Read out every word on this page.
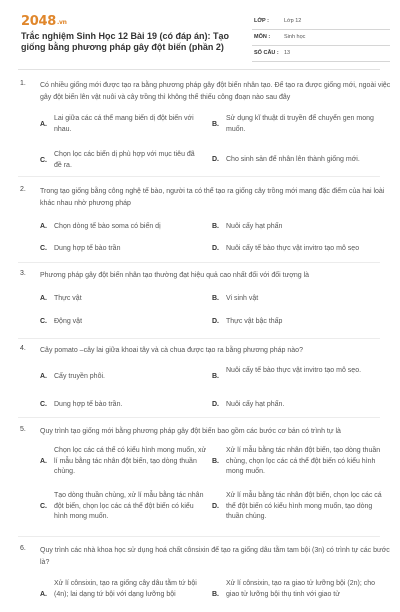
2048.vn
Trắc nghiệm Sinh Học 12 Bài 19 (có đáp án): Tạo giống bằng phương pháp gây đột biến (phần 2)
LỚP :	Lớp 12
MÔN :	Sinh học
SỐ CÂU : 13
1. Có nhiều giống mới được tạo ra bằng phương pháp gây đột biến nhân tạo. Để tạo ra được giống mới, ngoài việc gây đột biến lên vật nuôi và cây trồng thì không thể thiếu công đoạn nào sau đây
A.
Lai giữa các cá thể mang biến dị đột biến với nhau.
B.
Sử dụng kĩ thuật di truyền để chuyển gen mong muốn.
C.
Chọn lọc các biến dị phù hợp với mục tiêu đã đề ra.
D. Cho sinh sản để nhân lên thành giống mới.
2. Trong tạo giống bằng công nghệ tế bào, người ta có thể tạo ra giống cây trồng mới mang đặc điểm của hai loài khác nhau nhờ phương pháp
A. Chọn dòng tế bào soma có biến dị	B. Nuôi cấy hạt phấn
C. Dung hợp tế bào trần	D. Nuôi cấy tế bào thực vật invitro tạo mô sẹo
3. Phương pháp gây đột biến nhân tạo thường đạt hiệu quả cao nhất đối với đối tượng là
A. Thực vật	B. Vi sinh vật
C. Động vật	D. Thực vật bậc thấp
4. Cây pomato –cây lai giữa khoai tây và cà chua được tạo ra bằng phương pháp nào?
A. Cấy truyền phôi.	B.
Nuôi cấy tế bào thực vật invitro tạo mô sẹo.
C. Dung hợp tế bào trần.	D. Nuôi cấy hạt phấn.
5. Quy trình tạo giống mới bằng phương pháp gây đột biến bao gồm các bước cơ bản có trình tự là
A.
Chọn lọc các cá thể có kiểu hình mong muốn, xử lí mẫu bằng tác nhân đột biến, tạo dòng thuần chủng.
B.
Xử lí mẫu bằng tác nhân đột biến, tạo dòng thuần chủng, chọn lọc các cá thể đột biến có kiểu hình mong muốn.
C.
Tạo dòng thuần chủng, xử lí mẫu bằng tác nhân đột biến, chọn lọc các cá thể đột biến có kiểu hình mong muốn.
D.
Xử lí mẫu bằng tác nhân đột biến, chọn lọc các cá thể đột biến có kiểu hình mong muốn, tạo dòng thuần chủng.
6. Quy trình các nhà khoa học sử dụng hoá chất cônsixin để tạo ra giống dâu tằm tam bội (3n) có trình tự các bước là?
A.
Xử lí cônsixin, tạo ra giống cây dâu tằm tứ bội (4n); lai dạng tứ bội với dạng lưỡng bội	B.
Xử lí cônsixin, tạo ra giao tử lưỡng bội (2n); cho giao tử lưỡng bội thụ tinh với giao tử
